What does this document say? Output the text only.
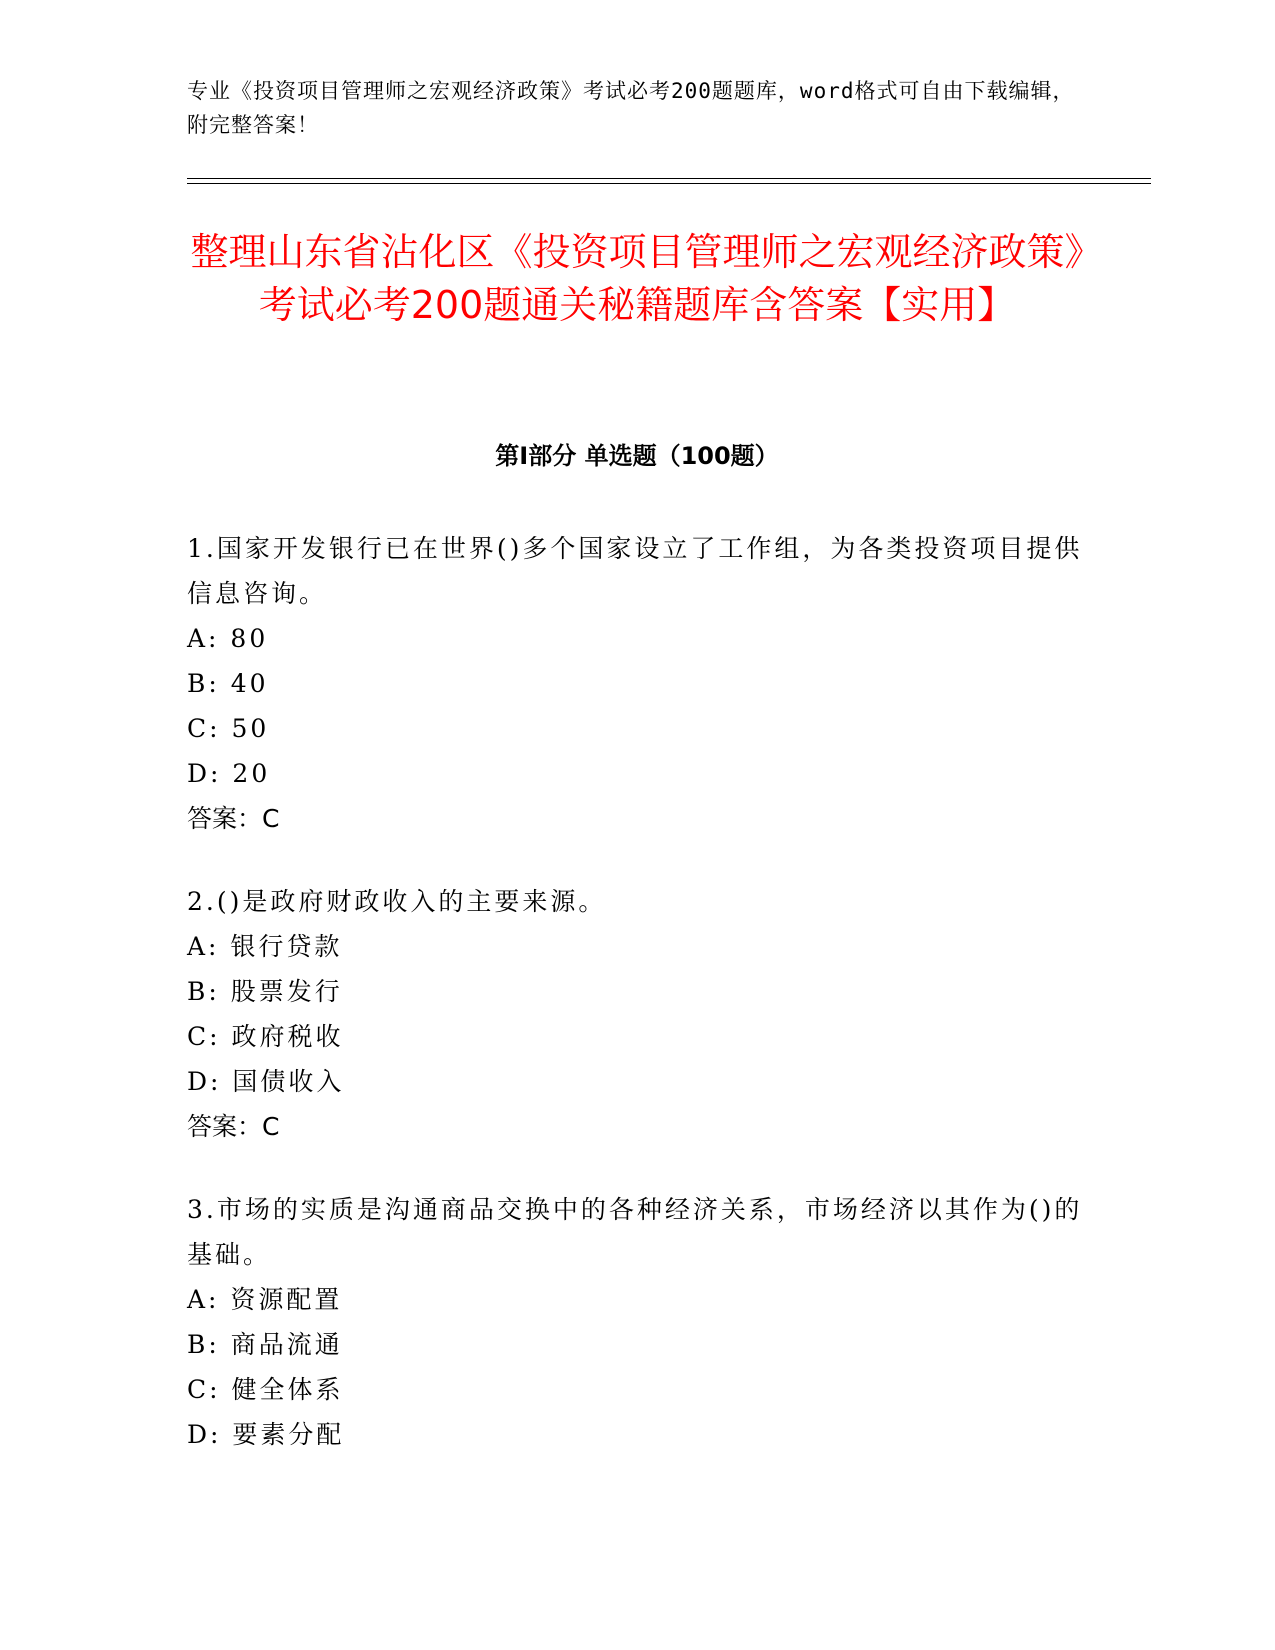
专业《投资项目管理师之宏观经济政策》考试必考200题题库，word格式可自由下载编辑，附完整答案！
整理山东省沾化区《投资项目管理师之宏观经济政策》考试必考200题通关秘籍题库含答案【实用】
第Ⅰ部分 单选题（100题）

1.国家开发银行已在世界()多个国家设立了工作组，为各类投资项目提供信息咨询。

A: 80

B: 40

C: 50

D: 20

答案：C

2.()是政府财政收入的主要来源。

A: 银行贷款

B: 股票发行

C: 政府税收

D: 国债收入

答案：C

3.市场的实质是沟通商品交换中的各种经济关系，市场经济以其作为()的基础。

A: 资源配置

B: 商品流通

C: 健全体系

D: 要素分配
